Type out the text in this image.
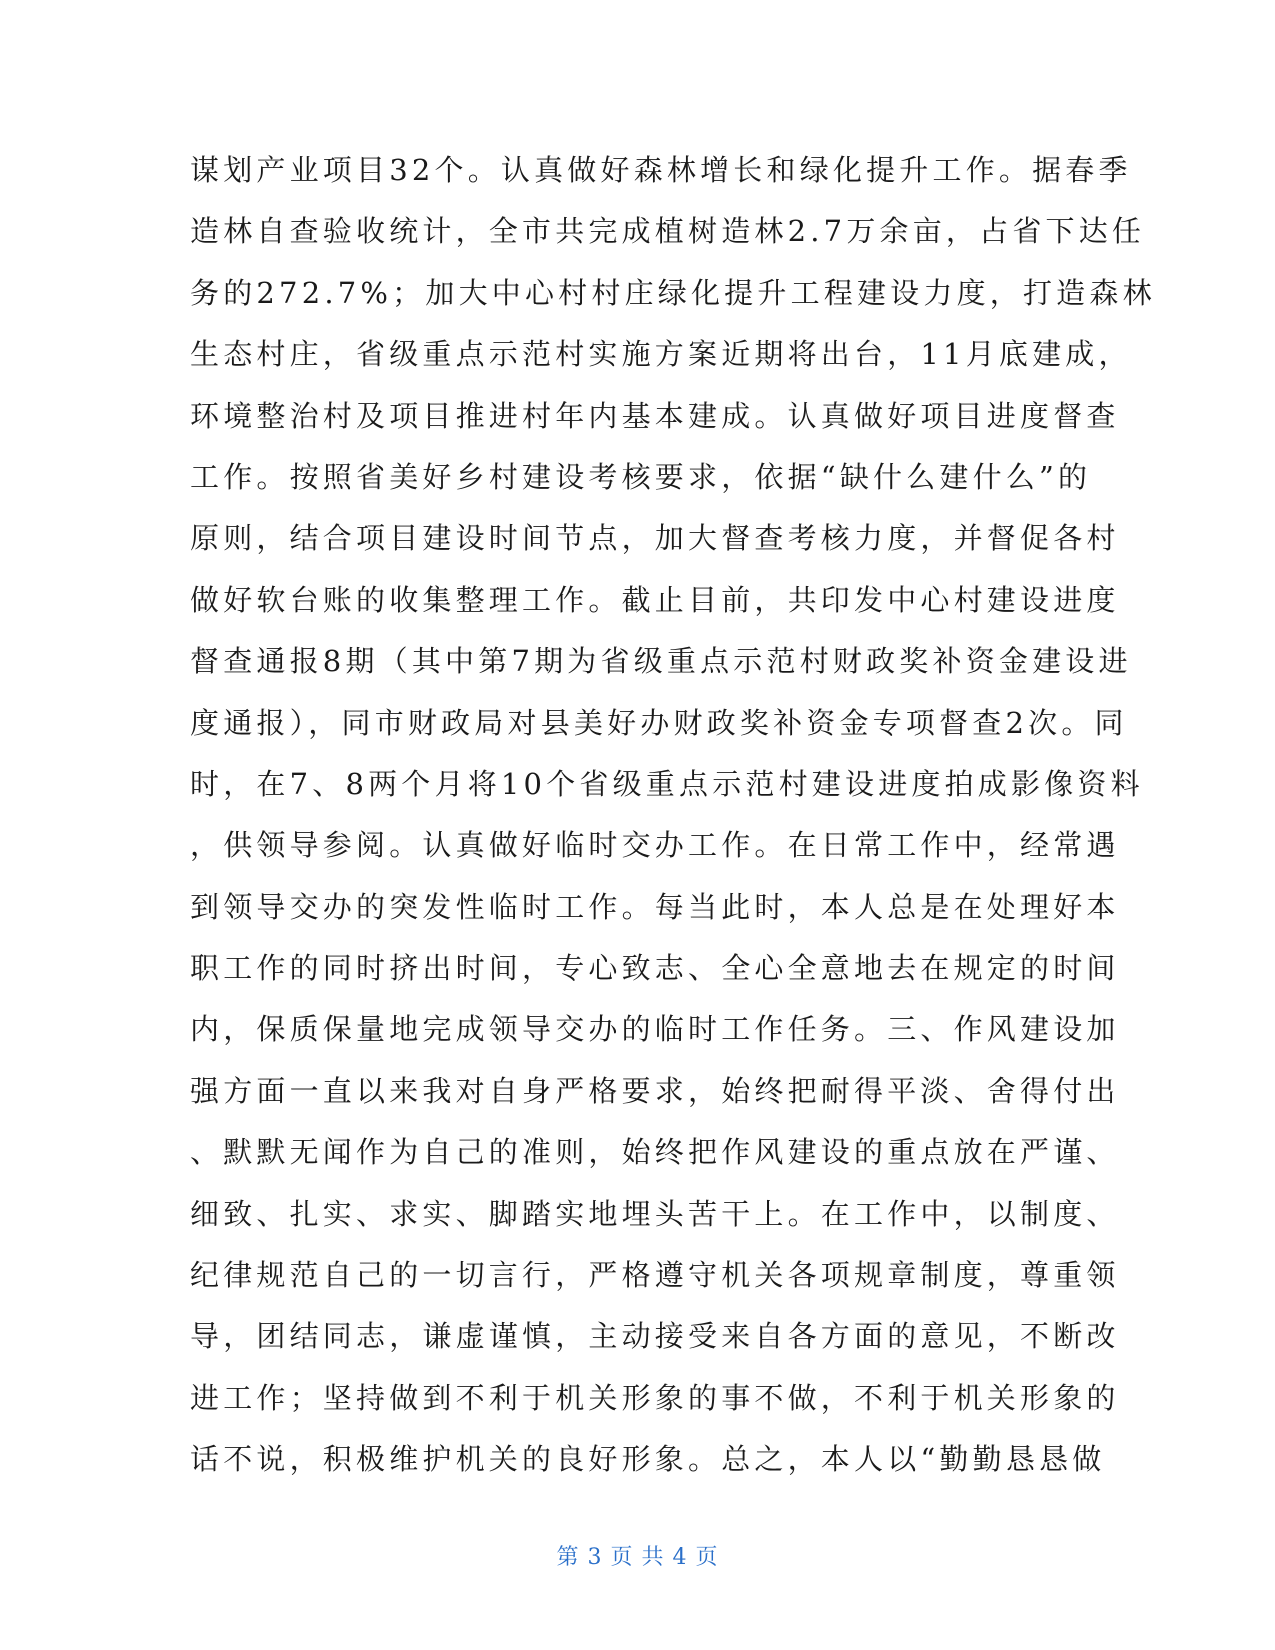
谋划产业项目32个。认真做好森林增长和绿化提升工作。据春季
造林自查验收统计，全市共完成植树造林2.7万余亩，占省下达任
务的272.7%；加大中心村村庄绿化提升工程建设力度，打造森林
生态村庄，省级重点示范村实施方案近期将出台，11月底建成，
环境整治村及项目推进村年内基本建成。认真做好项目进度督查
工作。按照省美好乡村建设考核要求，依据“缺什么建什么”的
原则，结合项目建设时间节点，加大督查考核力度，并督促各村
做好软台账的收集整理工作。截止目前，共印发中心村建设进度
督查通报8期（其中第7期为省级重点示范村财政奖补资金建设进
度通报），同市财政局对县美好办财政奖补资金专项督查2次。同
时，在7、8两个月将10个省级重点示范村建设进度拍成影像资料
，供领导参阅。认真做好临时交办工作。在日常工作中，经常遇
到领导交办的突发性临时工作。每当此时，本人总是在处理好本
职工作的同时挤出时间，专心致志、全心全意地去在规定的时间
内，保质保量地完成领导交办的临时工作任务。三、作风建设加
强方面一直以来我对自身严格要求，始终把耐得平淡、舍得付出
、默默无闻作为自己的准则，始终把作风建设的重点放在严谨、
细致、扎实、求实、脚踏实地埋头苦干上。在工作中，以制度、
纪律规范自己的一切言行，严格遵守机关各项规章制度，尊重领
导，团结同志，谦虚谨慎，主动接受来自各方面的意见，不断改
进工作；坚持做到不利于机关形象的事不做，不利于机关形象的
话不说，积极维护机关的良好形象。总之，本人以“勤勤恳恳做
第 3 页 共 4 页
